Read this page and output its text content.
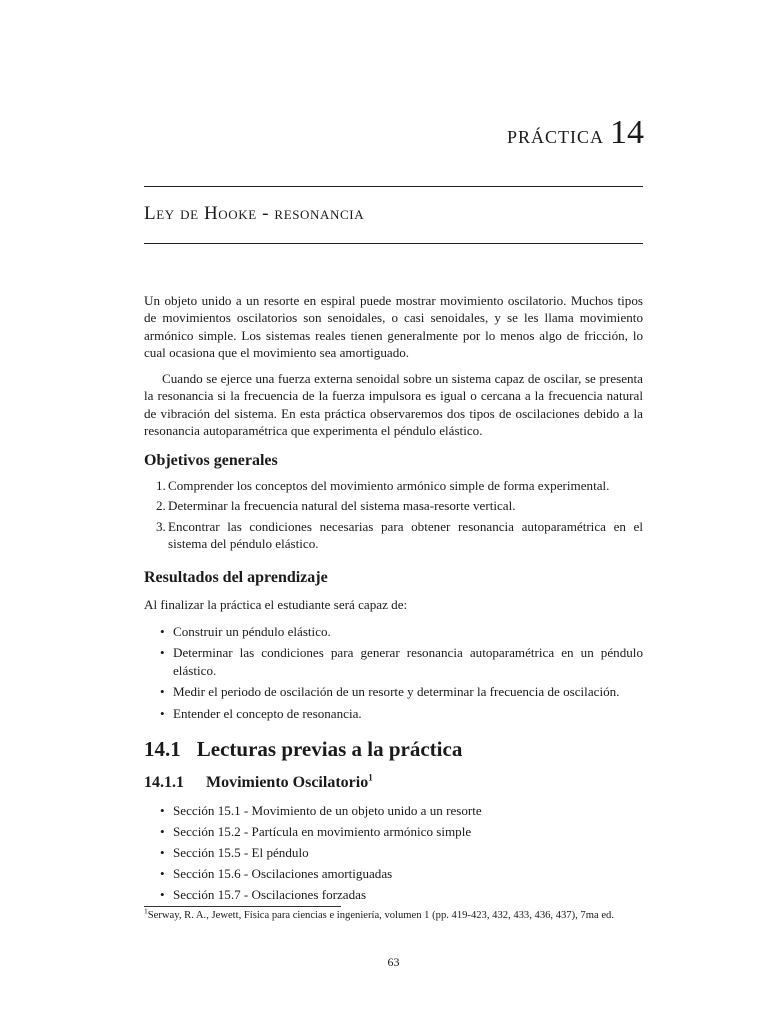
práctica 14
Ley de Hooke - resonancia

Un objeto unido a un resorte en espiral puede mostrar movimiento oscilatorio. Muchos tipos de movimientos oscilatorios son senoidales, o casi senoidales, y se les llama movimiento armónico simple. Los sistemas reales tienen generalmente por lo menos algo de fricción, lo cual ocasiona que el movimiento sea amortiguado.

Cuando se ejerce una fuerza externa senoidal sobre un sistema capaz de oscilar, se presenta la resonancia si la frecuencia de la fuerza impulsora es igual o cercana a la frecuencia natural de vibración del sistema. En esta práctica observaremos dos tipos de oscilaciones debido a la resonancia autoparamétrica que experimenta el péndulo elástico.

Objetivos generales
1. Comprender los conceptos del movimiento armónico simple de forma experimental.
2. Determinar la frecuencia natural del sistema masa-resorte vertical.
3. Encontrar las condiciones necesarias para obtener resonancia autoparamétrica en el sistema del péndulo elástico.
Resultados del aprendizaje

Al finalizar la práctica el estudiante será capaz de:

• Construir un péndulo elástico.
• Determinar las condiciones para generar resonancia autoparamétrica en un péndulo elástico.
• Medir el periodo de oscilación de un resorte y determinar la frecuencia de oscilación.
• Entender el concepto de resonancia.
14.1 Lecturas previas a la práctica
14.1.1 Movimiento Oscilatorio$^1$
• Sección 15.1 - Movimiento de un objeto unido a un resorte
• Sección 15.2 - Partícula en movimiento armónico simple
• Sección 15.5 - El péndulo
• Sección 15.6 - Oscilaciones amortiguadas
• Sección 15.7 - Oscilaciones forzadas

$^1$Serway, R. A., Jewett, Física para ciencias e ingeniería, volumen 1 (pp. 419-423, 432, 433, 436, 437), 7ma ed.

63
